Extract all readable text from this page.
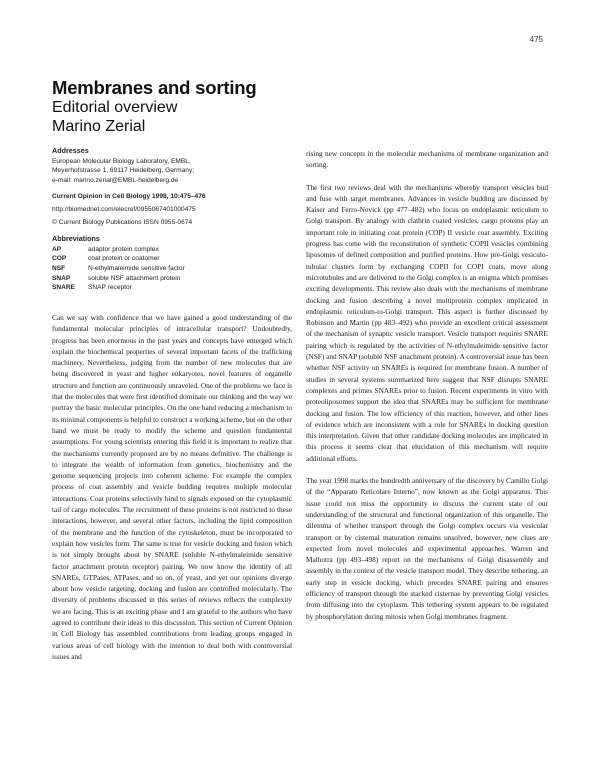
475
Membranes and sorting
Editorial overview
Marino Zerial
Addresses
European Molecular Biology Laboratory, EMBL,
Meyerhofstrasse 1, 69117 Heidelberg, Germany;
e-mail: marino.zerial@EMBL-heidelberg.de
Current Opinion in Cell Biology 1998, 10:475–476
http://biomednet.com/elecref/0955067401000475
© Current Biology Publications ISSN 0955-0674
Abbreviations
AP	adaptor protein complex
COP	coat protein or coatomer
NSF	N-ethylmaleimide sensitive factor
SNAP	soluble NSF attachment protein
SNARE	SNAP receptor

Can we say with confidence that we have gained a good understanding of the fundamental molecular principles of intracellular transport? Undoubtedly, progress has been enormous in the past years and concepts have emerged which explain the biochemical properties of several important facets of the trafficking machinery. Nevertheless, judging from the number of new molecules that are being discovered in yeast and higher eukaryotes, novel features of organelle structure and function are continuously unraveled. One of the problems we face is that the molecules that were first identified dominate our thinking and the way we portray the basic molecular principles. On the one hand reducing a mechanism to its minimal components is helpful to construct a working scheme, but on the other hand we must be ready to modify the scheme and question fundamental assumptions. For young scientists entering this field it is important to realize that the mechanisms currently proposed are by no means definitive. The challenge is to integrate the wealth of information from genetics, biochemistry and the genome sequencing projects into coherent scheme. For example the complex process of coat assembly and vesicle budding requires multiple molecular interactions. Coat proteins selectively bind to signals exposed on the cytoplasmic tail of cargo molecules. The recruitment of these proteins is not restricted to these interactions, however, and several other factors, including the lipid composition of the membrane and the function of the cytoskeleton, must be incorporated to explain how vesicles form. The same is true for vesicle docking and fusion which is not simply brought about by SNARE (soluble N-ethylmaleimide sensitive factor attachment protein receptor) pairing. We now know the identity of all SNAREs, GTPases, ATPases, and so on, of yeast, and yet our opinions diverge about how vesicle targeting, docking and fusion are controlled molecularly. The diversity of problems discussed in this series of reviews reflects the complexity we are facing. This is an exciting phase and I am grateful to the authors who have agreed to contribute their ideas to this discussion. This section of Current Opinion in Cell Biology has assembled contributions from leading groups engaged in various areas of cell biology with the intention to deal both with controversial issues and

rising new concepts in the molecular mechanisms of membrane organization and sorting.

The first two reviews deal with the mechanisms whereby transport vesicles bud and fuse with target membranes. Advances in vesicle budding are discussed by Kaiser and Ferro-Novick (pp 477–482) who focus on endoplasmic reticulum to Golgi transport. By analogy with clathrin coated vesicles, cargo proteins play an important role in initiating coat protein (COP) II vesicle coat assembly. Exciting progress has come with the reconstitution of synthetic COPII vesicles combining liposomes of defined composition and purified proteins. How pre-Golgi vesiculo-tubular clusters form by exchanging COPII for COPI coats, move along microtubules and are delivered to the Golgi complex is an enigma which promises exciting developments. This review also deals with the mechanisms of membrane docking and fusion describing a novel multiprotein complex implicated in endoplasmic reticulum-to-Golgi transport. This aspect is further discussed by Robinson and Martin (pp 483–492) who provide an excellent critical assessment of the mechanism of synaptic vesicle transport. Vesicle transport requires SNARE pairing which is regulated by the activities of N-ethylmaleimide sensitive factor (NSF) and SNAP (soluble NSF attachment protein). A controversial issue has been whether NSF activity on SNAREs is required for membrane fusion. A number of studies in several systems summarized here suggest that NSF disrupts SNARE complexes and primes SNAREs prior to fusion. Recent experiments in vitro with proteoliposomes support the idea that SNAREs may be sufficient for membrane docking and fusion. The low efficiency of this reaction, however, and other lines of evidence which are inconsistent with a role for SNAREs in docking question this interpretation. Given that other candidate docking molecules are implicated in this process it seems clear that elucidation of this mechanism will require additional efforts.

The year 1998 marks the hundredth anniversary of the discovery by Camillo Golgi of the “Apparato Reticolare Interno”, now known as the Golgi apparatus. This issue could not miss the opportunity to discuss the current state of our understanding of the structural and functional organization of this organelle. The dilemma of whether transport through the Golgi complex occurs via vesicular transport or by cisternal maturation remains unsolved, however, new clues are expected from novel molecules and experimental approaches. Warren and Malhotra (pp 493–498) report on the mechanisms of Golgi disassembly and assembly in the context of the vesicle transport model. They describe tethering, an early step in vesicle docking, which precedes SNARE pairing and ensures efficiency of transport through the stacked cisternae by preventing Golgi vesicles from diffusing into the cytoplasm. This tethering system appears to be regulated by phosphorylation during mitosis when Golgi membranes fragment.
